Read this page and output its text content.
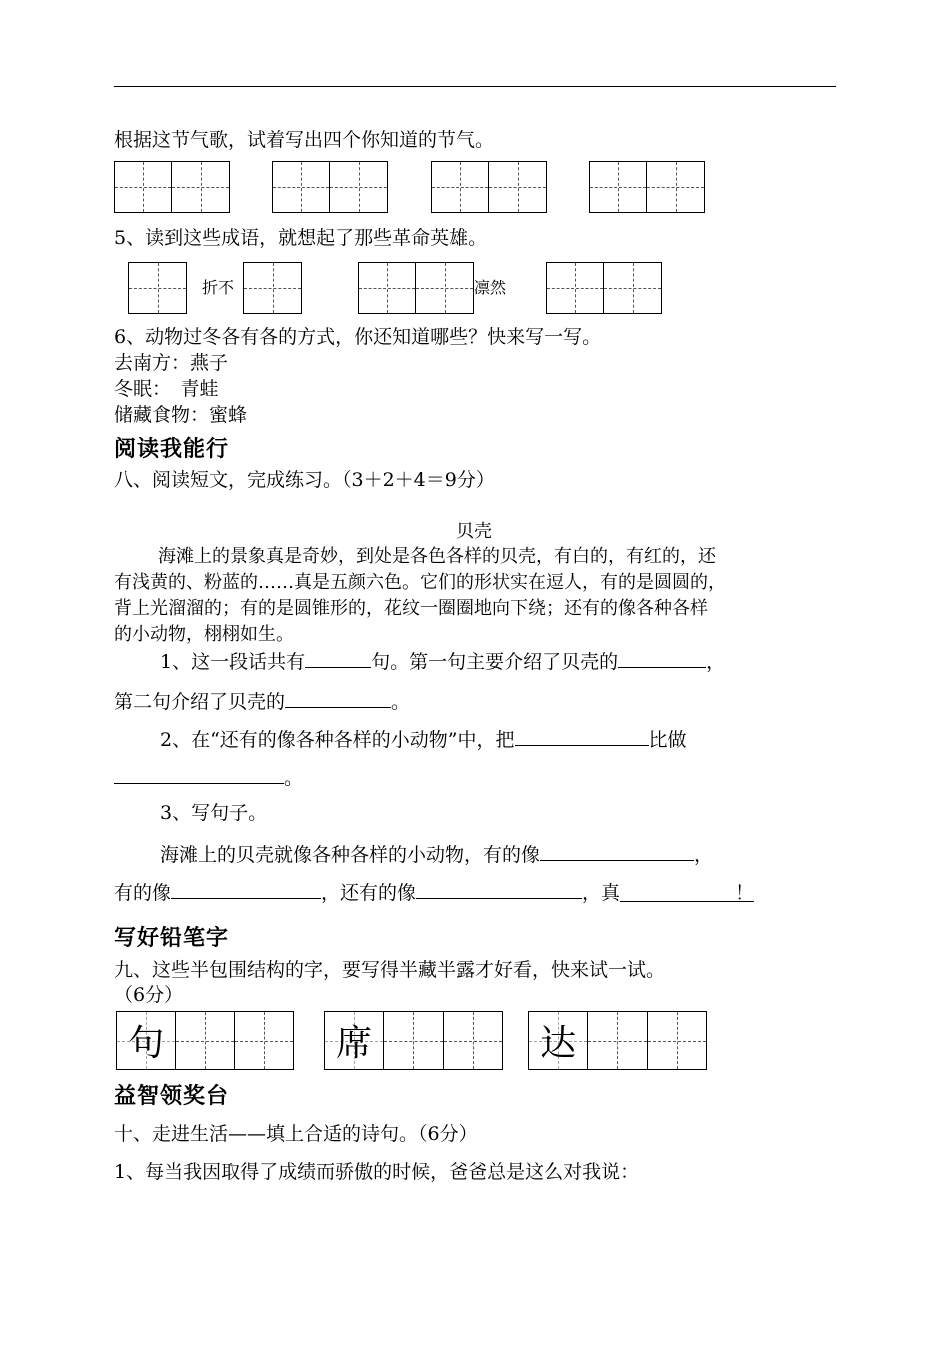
根据这节气歌，试着写出四个你知道的节气。
5、读到这些成语，就想起了那些革命英雄。
折不	凛然
6、动物过冬各有各的方式，你还知道哪些？快来写一写。
去南方：燕子
冬眠：　青蛙
储藏食物：蜜蜂
阅读我能行
八、阅读短文，完成练习。（3＋2＋4＝9分）
贝壳
海滩上的景象真是奇妙，到处是各色各样的贝壳，有白的，有红的，还
有浅黄的、粉蓝的……真是五颜六色。它们的形状实在逗人，有的是圆圆的，
背上光溜溜的；有的是圆锥形的，花纹一圈圈地向下绕；还有的像各种各样
的小动物，栩栩如生。
1、这一段话共有	句。第一句主要介绍了贝壳的	，
第二句介绍了贝壳的	。
2、在“还有的像各种各样的小动物”中，把	比做
。
3、写句子。
海滩上的贝壳就像各种各样的小动物，有的像	，
有的像	，还有的像	，真	！
写好铅笔字
九、这些半包围结构的字，要写得半藏半露才好看，快来试一试。
（6分）
句	席	达
益智领奖台
十、走进生活——填上合适的诗句。（6分）
1、每当我因取得了成绩而骄傲的时候，爸爸总是这么对我说：
